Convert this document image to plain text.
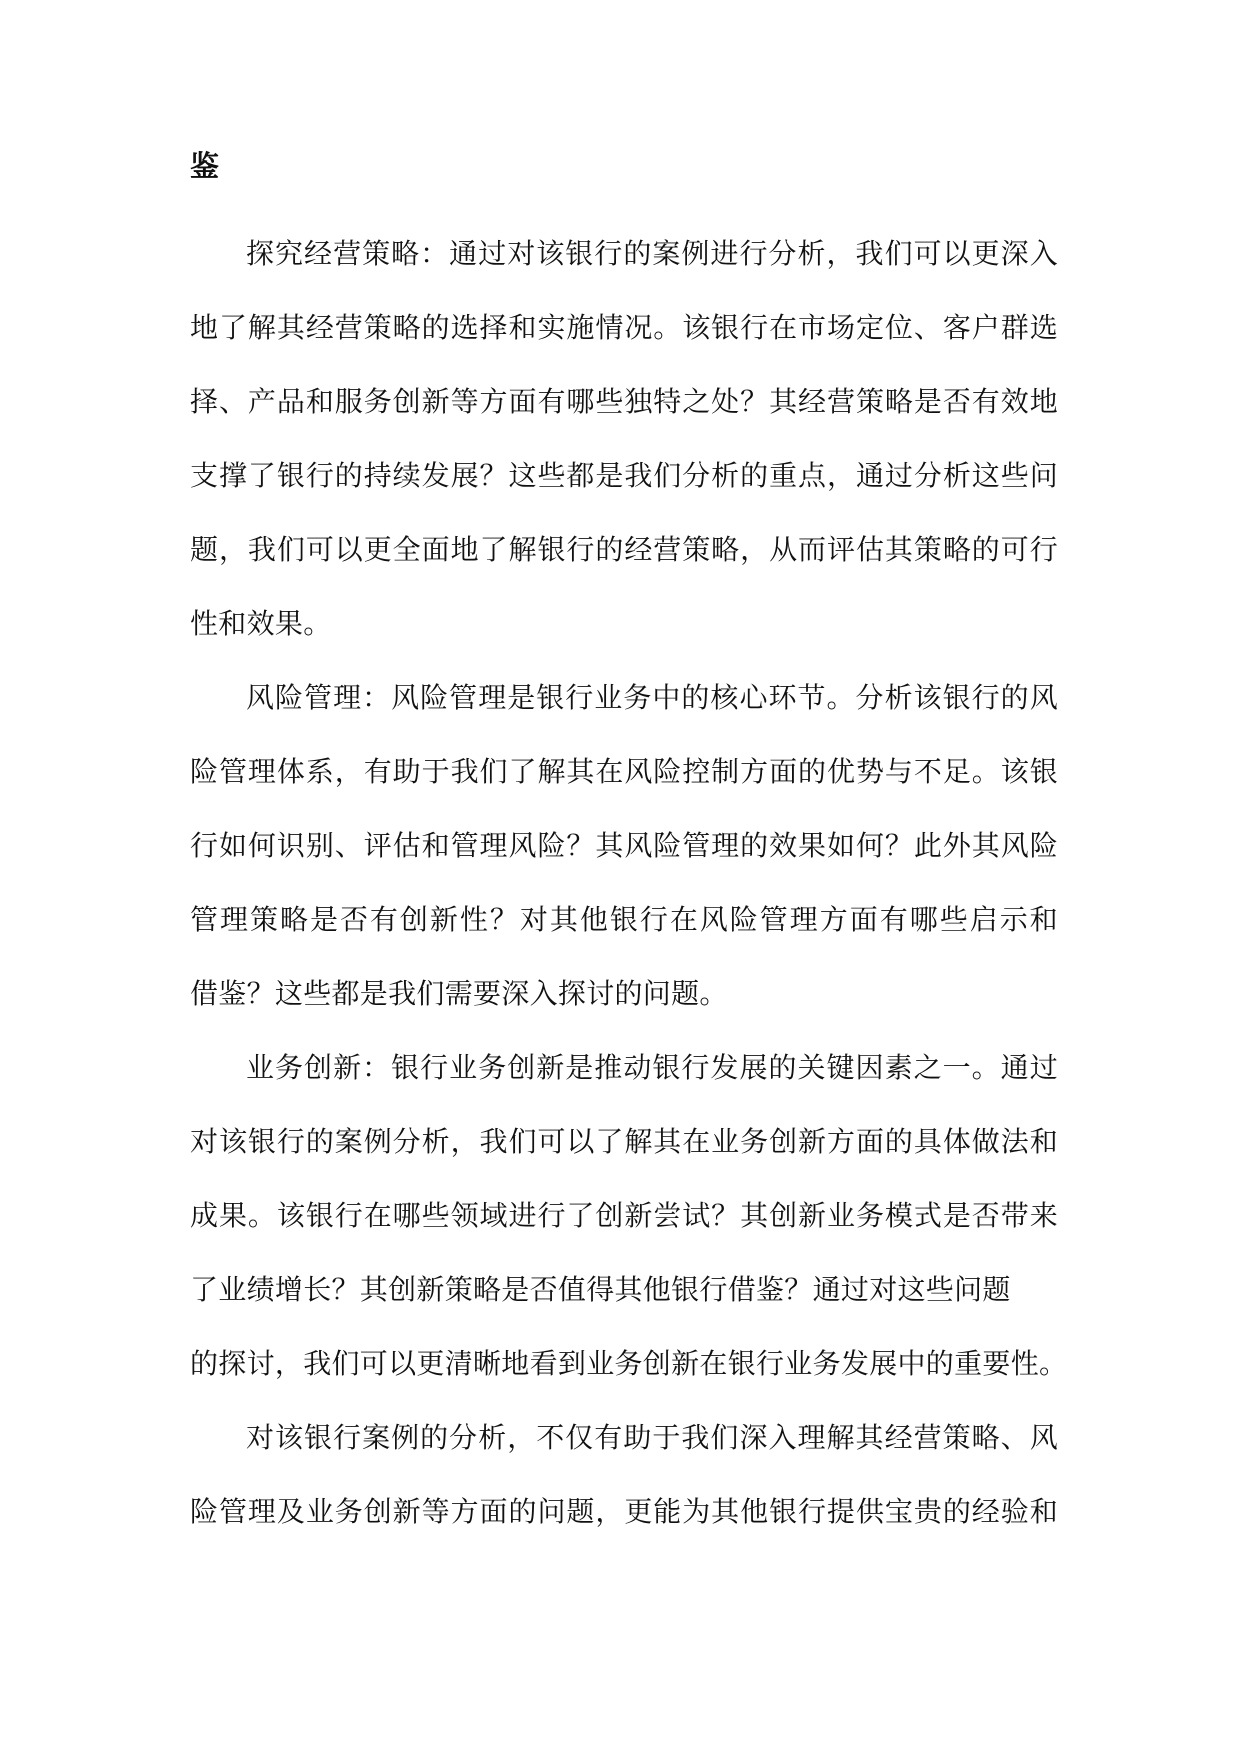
鉴

探究经营策略：通过对该银行的案例进行分析，我们可以更深入
地了解其经营策略的选择和实施情况。该银行在市场定位、客户群选
择、产品和服务创新等方面有哪些独特之处？其经营策略是否有效地
支撑了银行的持续发展？这些都是我们分析的重点，通过分析这些问
题，我们可以更全面地了解银行的经营策略，从而评估其策略的可行
性和效果。

风险管理：风险管理是银行业务中的核心环节。分析该银行的风
险管理体系，有助于我们了解其在风险控制方面的优势与不足。该银
行如何识别、评估和管理风险？其风险管理的效果如何？此外其风险
管理策略是否有创新性？对其他银行在风险管理方面有哪些启示和
借鉴？这些都是我们需要深入探讨的问题。

业务创新：银行业务创新是推动银行发展的关键因素之一。通过
对该银行的案例分析，我们可以了解其在业务创新方面的具体做法和
成果。该银行在哪些领域进行了创新尝试？其创新业务模式是否带来
了业绩增长？其创新策略是否值得其他银行借鉴？通过对这些问题
的探讨，我们可以更清晰地看到业务创新在银行业务发展中的重要性。

对该银行案例的分析，不仅有助于我们深入理解其经营策略、风
险管理及业务创新等方面的问题，更能为其他银行提供宝贵的经验和
